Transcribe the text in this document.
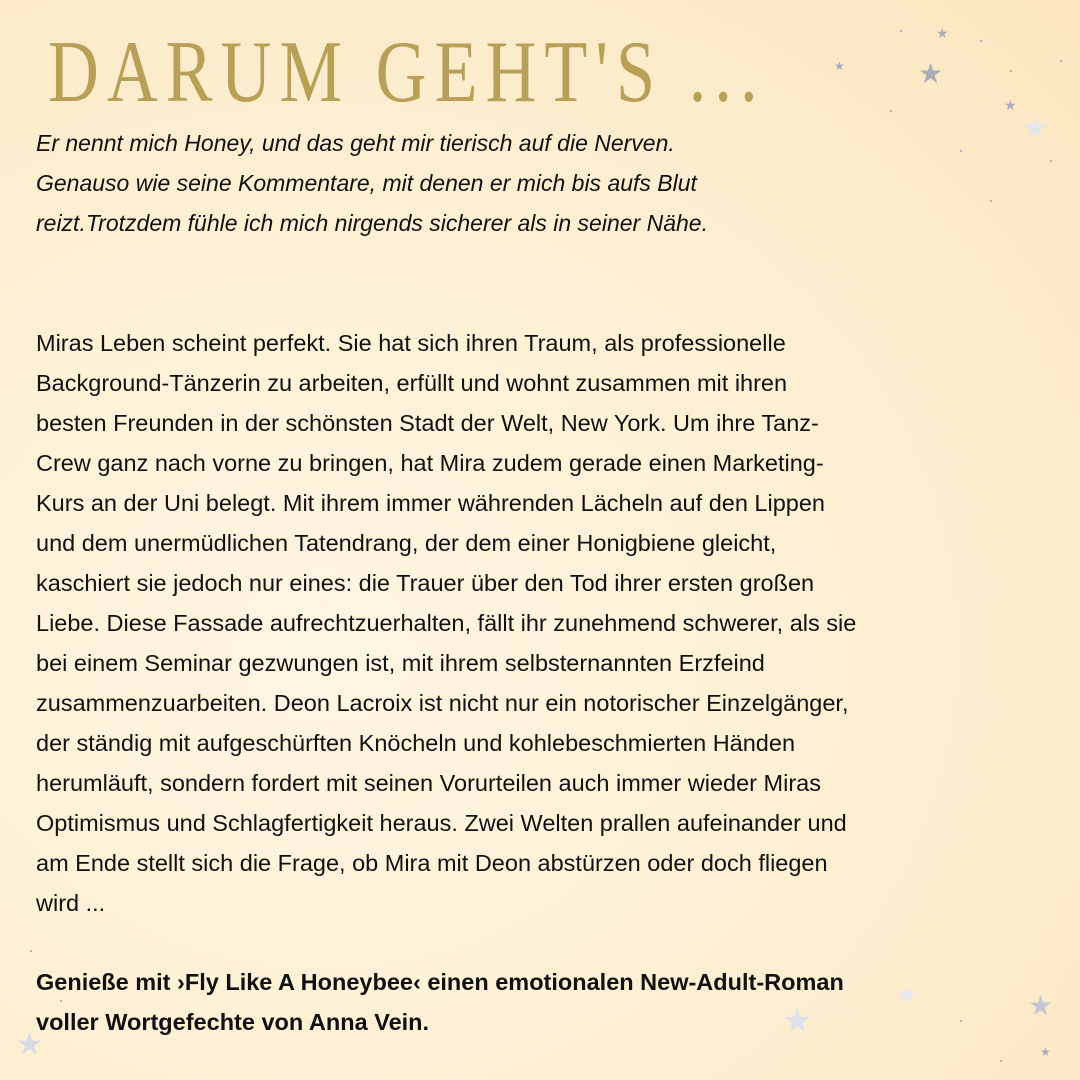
★
★
★
★
★
★
★
★
★
★
DARUM GEHT'S ...
Er nennt mich Honey, und das geht mir tierisch auf die Nerven.
Genauso wie seine Kommentare, mit denen er mich bis aufs Blut
reizt.Trotzdem fühle ich mich nirgends sicherer als in seiner Nähe.
Miras Leben scheint perfekt. Sie hat sich ihren Traum, als professionelle
Background-Tänzerin zu arbeiten, erfüllt und wohnt zusammen mit ihren
besten Freunden in der schönsten Stadt der Welt, New York. Um ihre Tanz-
Crew ganz nach vorne zu bringen, hat Mira zudem gerade einen Marketing-
Kurs an der Uni belegt. Mit ihrem immer währenden Lächeln auf den Lippen
und dem unermüdlichen Tatendrang, der dem einer Honigbiene gleicht,
kaschiert sie jedoch nur eines: die Trauer über den Tod ihrer ersten großen
Liebe. Diese Fassade aufrechtzuerhalten, fällt ihr zunehmend schwerer, als sie
bei einem Seminar gezwungen ist, mit ihrem selbsternannten Erzfeind
zusammenzuarbeiten. Deon Lacroix ist nicht nur ein notorischer Einzelgänger,
der ständig mit aufgeschürften Knöcheln und kohlebeschmierten Händen
herumläuft, sondern fordert mit seinen Vorurteilen auch immer wieder Miras
Optimismus und Schlagfertigkeit heraus. Zwei Welten prallen aufeinander und
am Ende stellt sich die Frage, ob Mira mit Deon abstürzen oder doch fliegen
wird ...
Genieße mit ›Fly Like A Honeybee‹ einen emotionalen New-Adult-Roman
voller Wortgefechte von Anna Vein.
